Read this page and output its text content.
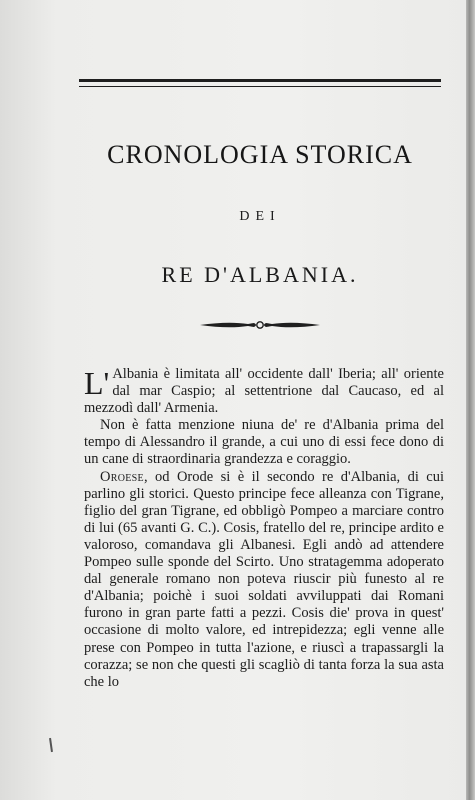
CRONOLOGIA STORICA
DEI
RE D'ALBANIA.

L' Albania è limitata all' occidente dall' Iberia; all' oriente dal mar Caspio; al settentrione dal Caucaso, ed al mezzodì dall' Armenia.

Non è fatta menzione niuna de' re d'Albania prima del tempo di Alessandro il grande, a cui uno di essi fece dono di un cane di straordinaria grandezza e coraggio.

Oroese, od Orode si è il secondo re d'Albania, di cui parlino gli storici. Questo principe fece alleanza con Tigrane, figlio del gran Tigrane, ed obbligò Pompeo a marciare contro di lui (65 avanti G. C.). Cosis, fratello del re, principe ardito e valoroso, comandava gli Albanesi. Egli andò ad attendere Pompeo sulle sponde del Scirto. Uno stratagemma adoperato dal generale romano non poteva riuscir più funesto al re d'Albania; poichè i suoi soldati avviluppati dai Romani furono in gran parte fatti a pezzi. Cosis die' prova in quest' occasione di molto valore, ed intrepidezza; egli venne alle prese con Pompeo in tutta l'azione, e riuscì a trapassargli la corazza; se non che questi gli scagliò di tanta forza la sua asta che lo
